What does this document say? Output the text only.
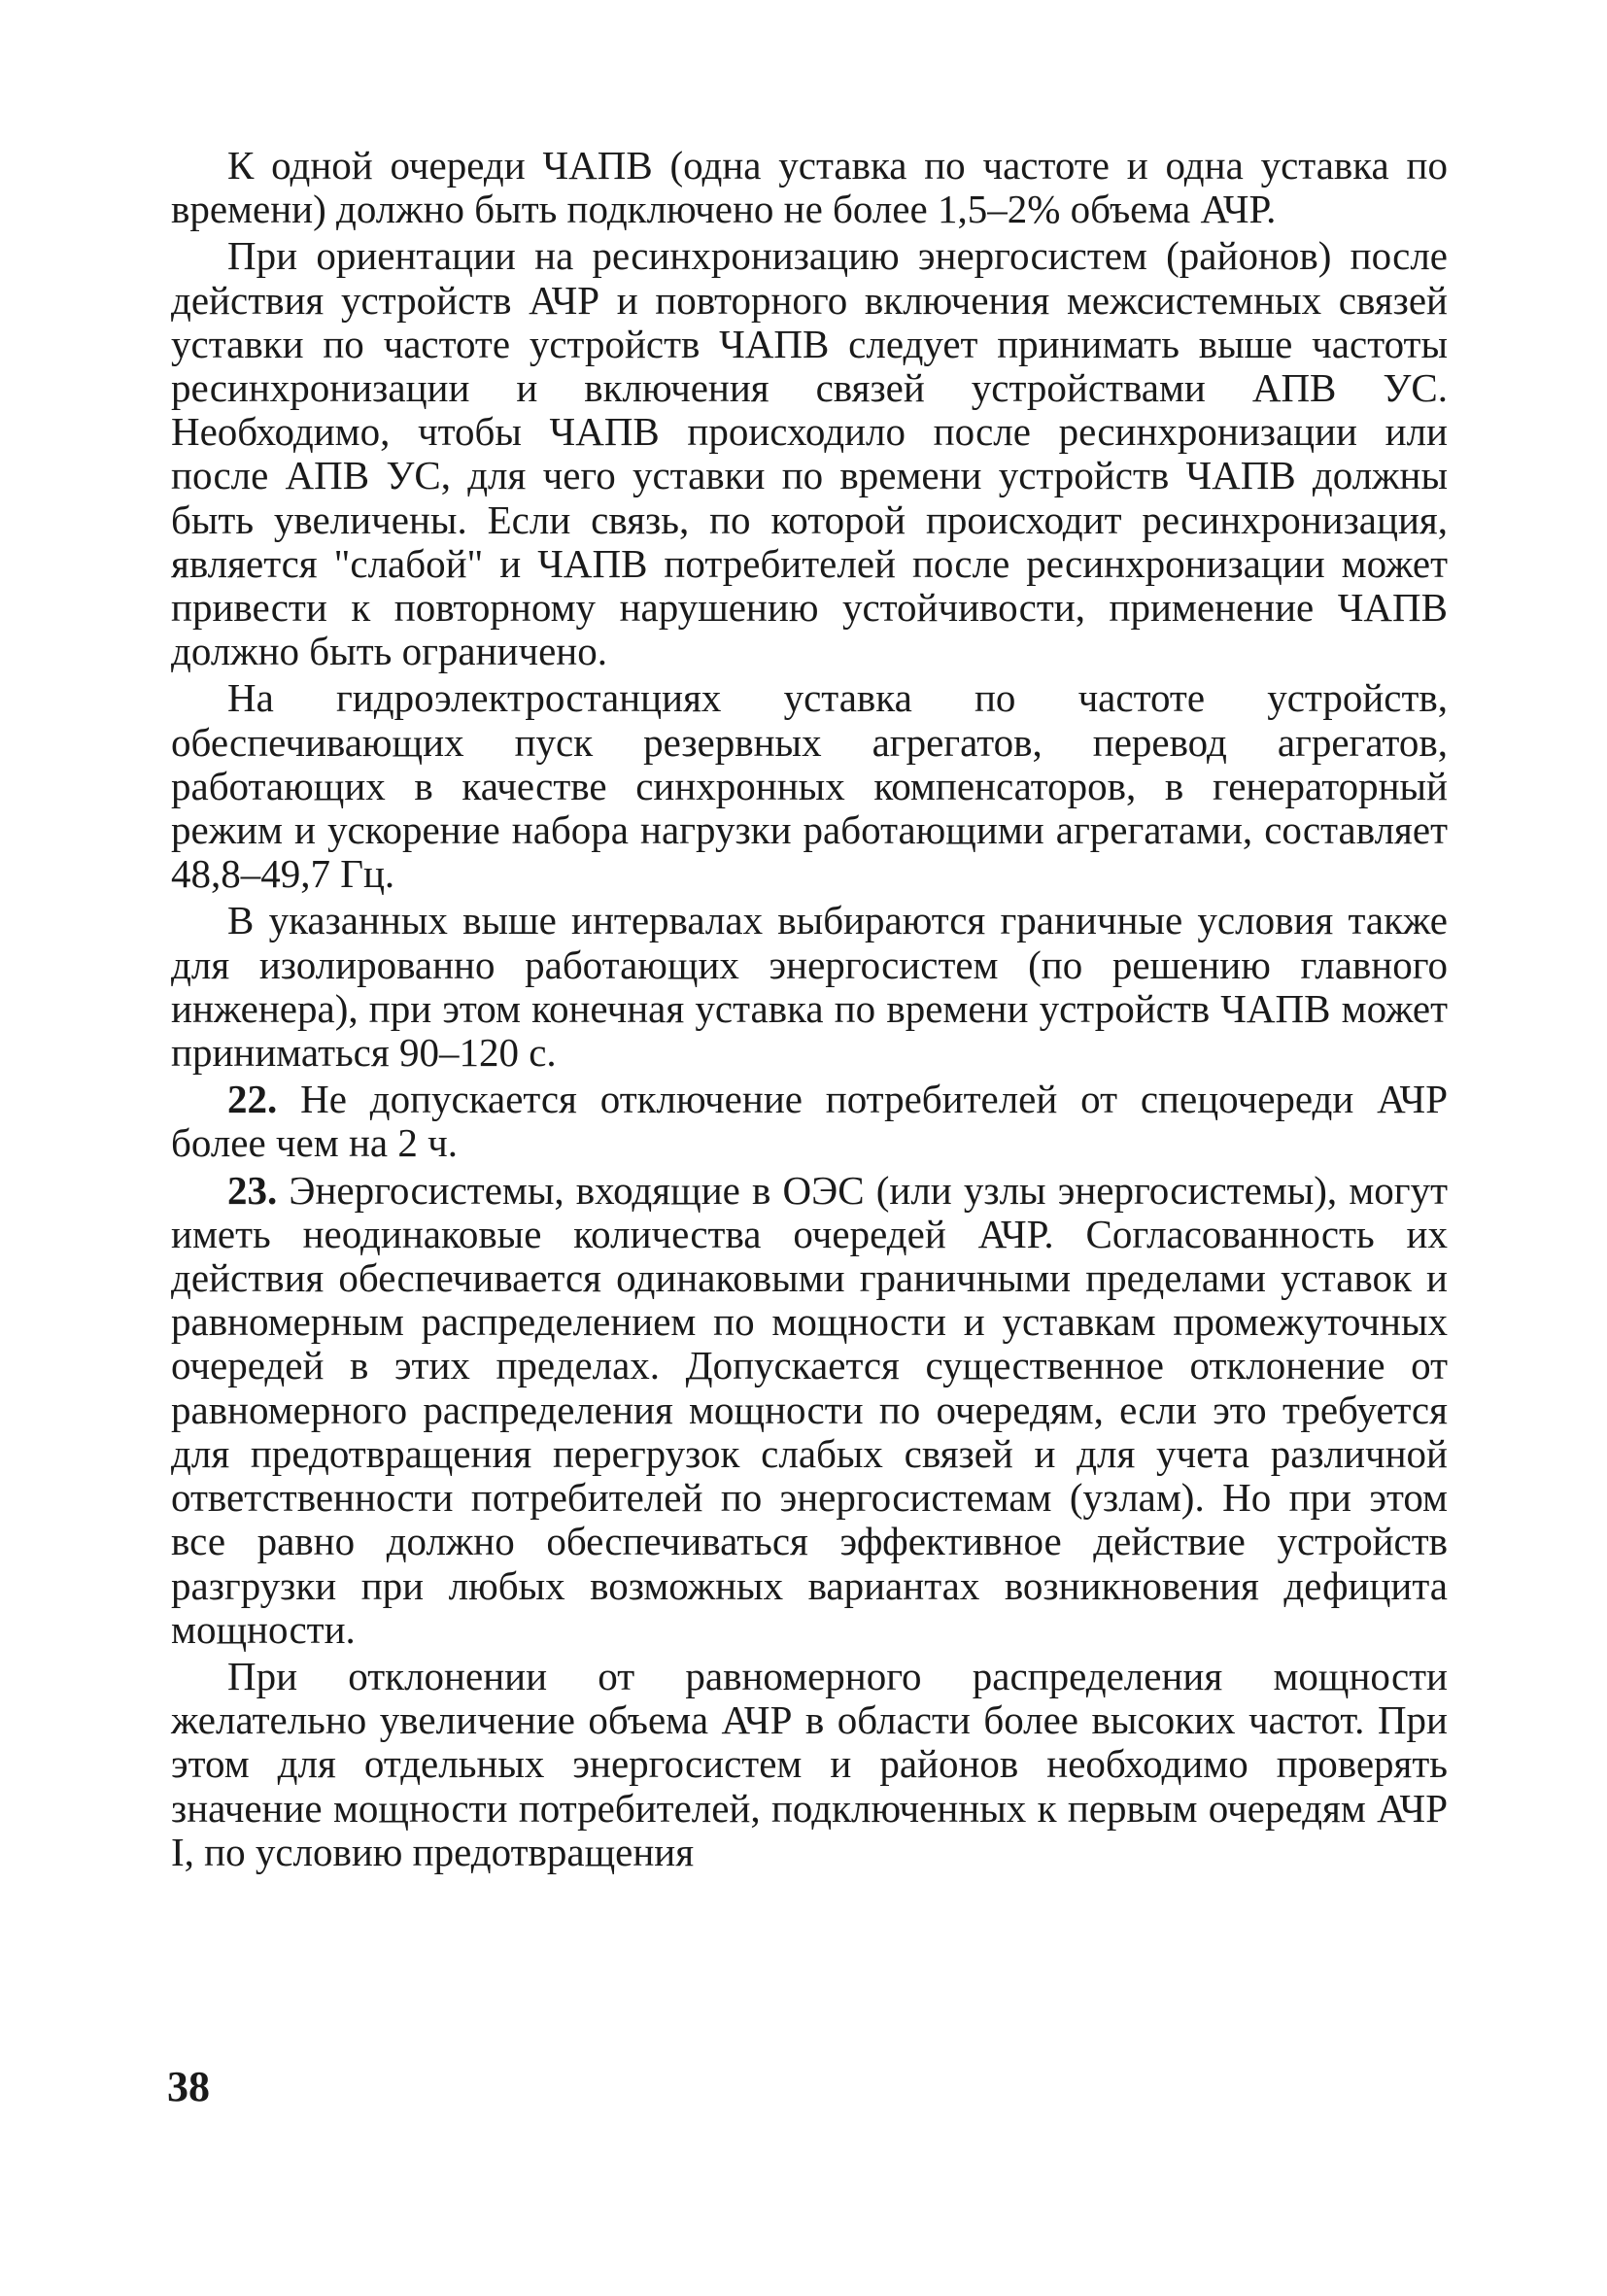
К одной очереди ЧАПВ (одна уставка по частоте и одна уставка по времени) должно быть подключено не более 1,5–2% объема АЧР.

При ориентации на ресинхронизацию энергосистем (районов) после действия устройств АЧР и повторного включения межсистемных связей уставки по частоте устройств ЧАПВ следует принимать выше частоты ресинхронизации и включения связей устройствами АПВ УС. Необходимо, чтобы ЧАПВ происходило после ресинхронизации или после АПВ УС, для чего уставки по времени устройств ЧАПВ должны быть увеличены. Если связь, по которой происходит ресинхронизация, является "слабой" и ЧАПВ потребителей после ресинхронизации может привести к повторному нарушению устойчивости, применение ЧАПВ должно быть ограничено.

На гидроэлектростанциях уставка по частоте устройств, обеспечивающих пуск резервных агрегатов, перевод агрегатов, работающих в качестве синхронных компенсаторов, в генераторный режим и ускорение набора нагрузки работающими агрегатами, составляет 48,8–49,7 Гц.

В указанных выше интервалах выбираются граничные условия также для изолированно работающих энергосистем (по решению главного инженера), при этом конечная уставка по времени устройств ЧАПВ может приниматься 90–120 с.

22. Не допускается отключение потребителей от спецочереди АЧР более чем на 2 ч.

23. Энергосистемы, входящие в ОЭС (или узлы энергосистемы), могут иметь неодинаковые количества очередей АЧР. Согласованность их действия обеспечивается одинаковыми граничными пределами уставок и равномерным распределением по мощности и уставкам промежуточных очередей в этих пределах. Допускается существенное отклонение от равномерного распределения мощности по очередям, если это требуется для предотвращения перегрузок слабых связей и для учета различной ответственности потребителей по энергосистемам (узлам). Но при этом все равно должно обеспечиваться эффективное действие устройств разгрузки при любых возможных вариантах возникновения дефицита мощности.

При отклонении от равномерного распределения мощности желательно увеличение объема АЧР в области более высоких частот. При этом для отдельных энергосистем и районов необходимо проверять значение мощности потребителей, подключенных к первым очередям АЧР I, по условию предотвращения

38
